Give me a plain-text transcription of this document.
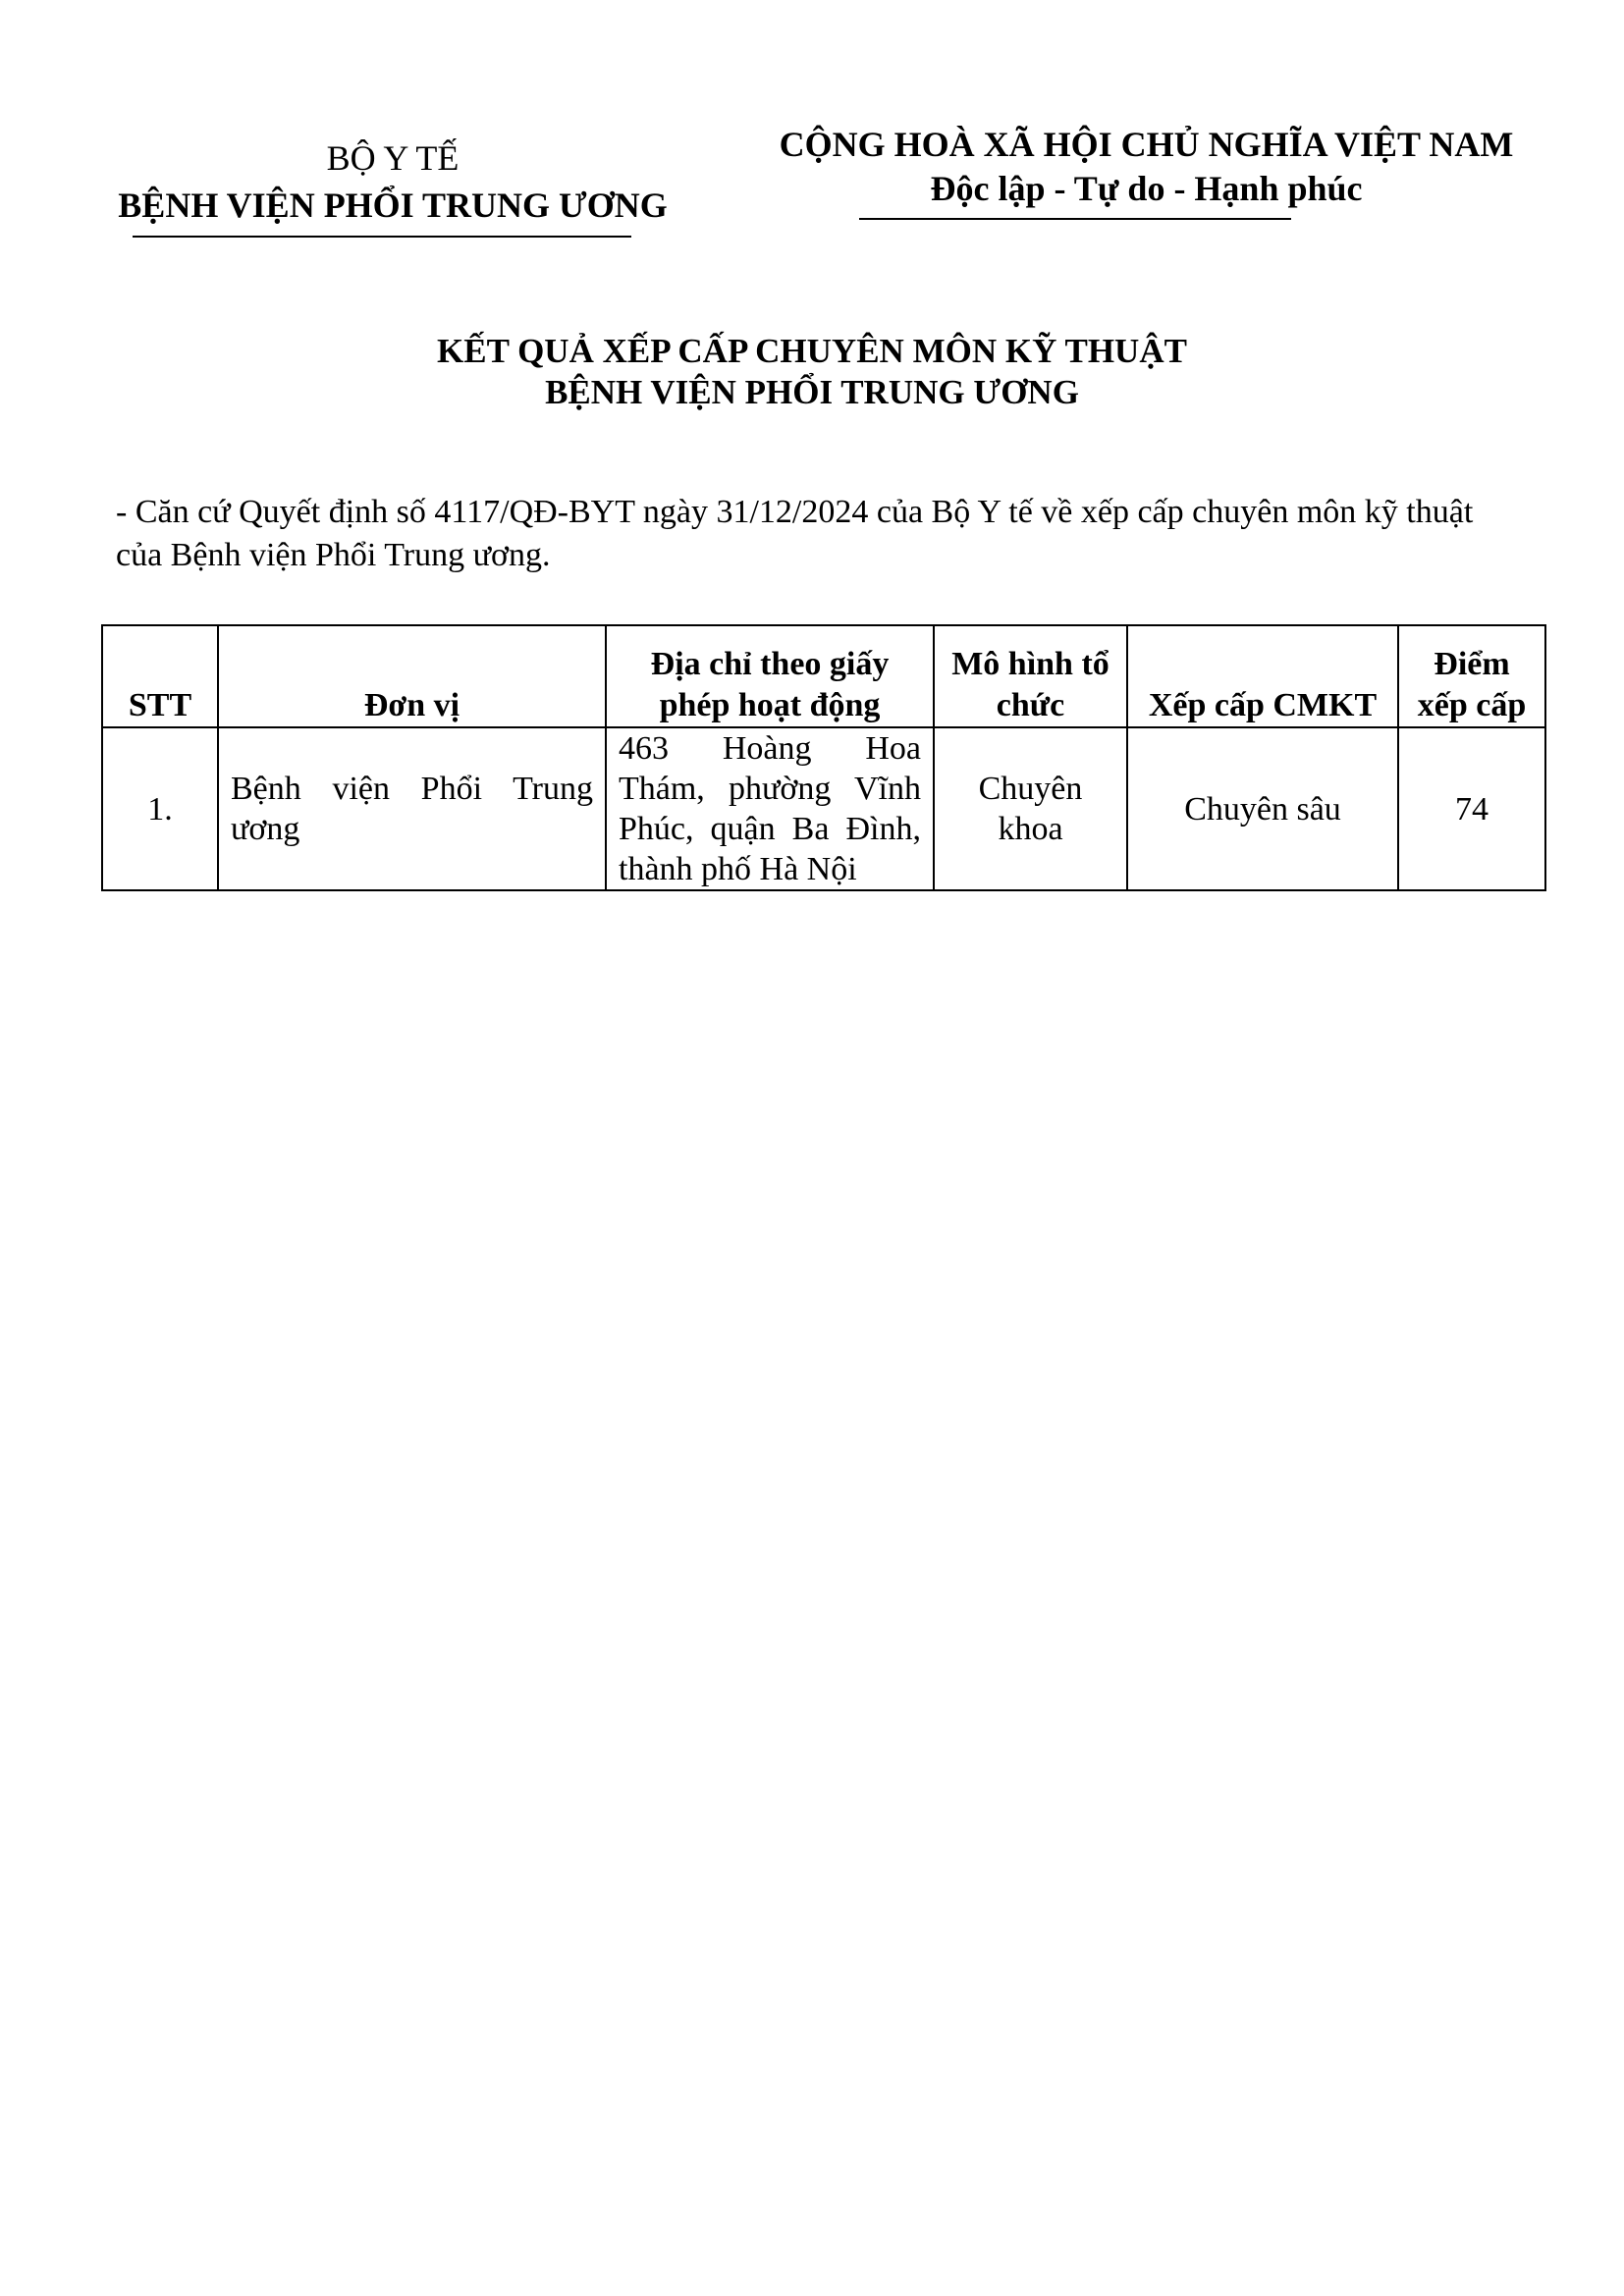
BỘ Y TẾ
BỆNH VIỆN PHỔI TRUNG ƯƠNG
CỘNG HOÀ XÃ HỘI CHỦ NGHĨA VIỆT NAM
Độc lập - Tự do - Hạnh phúc
KẾT QUẢ XẾP CẤP CHUYÊN MÔN KỸ THUẬT
BỆNH VIỆN PHỔI TRUNG ƯƠNG
- Căn cứ Quyết định số 4117/QĐ-BYT ngày 31/12/2024 của Bộ Y tế về xếp cấp chuyên môn kỹ thuật của Bệnh viện Phổi Trung ương.
STT	Đơn vị	Địa chỉ theo giấy phép hoạt động	Mô hình tổ chức	Xếp cấp CMKT	Điểm xếp cấp
1.	Bệnh viện Phổi Trung ương	463 Hoàng Hoa Thám, phường Vĩnh Phúc, quận Ba Đình, thành phố Hà Nội	Chuyên khoa	Chuyên sâu	74
